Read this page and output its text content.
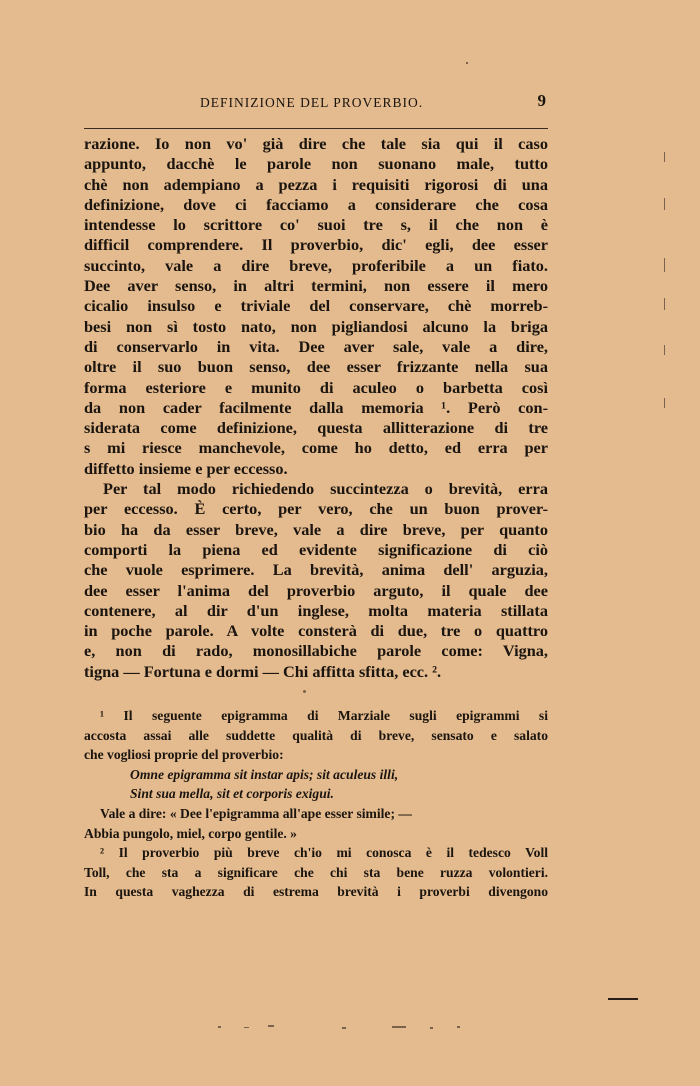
DEFINIZIONE DEL PROVERBIO.	9
razione. Io non vo' già dire che tale sia qui il caso
appunto, dacchè le parole non suonano male, tutto
chè non adempiano a pezza i requisiti rigorosi di una
definizione, dove ci facciamo a considerare che cosa
intendesse lo scrittore co' suoi tre s, il che non è
difficil comprendere. Il proverbio, dic' egli, dee esser
succinto, vale a dire breve, proferibile a un fiato.
Dee aver senso, in altri termini, non essere il mero
cicalio insulso e triviale del conservare, chè morreb-
besi non sì tosto nato, non pigliandosi alcuno la briga
di conservarlo in vita. Dee aver sale, vale a dire,
oltre il suo buon senso, dee esser frizzante nella sua
forma esteriore e munito di aculeo o barbetta così
da non cader facilmente dalla memoria ¹. Però con-
siderata come definizione, questa allitterazione di tre
s mi riesce manchevole, come ho detto, ed erra per
diffetto insieme e per eccesso.
Per tal modo richiedendo succintezza o brevità, erra
per eccesso. È certo, per vero, che un buon prover-
bio ha da esser breve, vale a dire breve, per quanto
comporti la piena ed evidente significazione di ciò
che vuole esprimere. La brevità, anima dell' arguzia,
dee esser l'anima del proverbio arguto, il quale dee
contenere, al dir d'un inglese, molta materia stillata
in poche parole. A volte consterà di due, tre o quattro
e, non di rado, monosillabiche parole come: Vigna,
tigna — Fortuna e dormi — Chi affitta sfitta, ecc. ².
¹ Il seguente epigramma di Marziale sugli epigrammi si
accosta assai alle suddette qualità di breve, sensato e salato
che vogliosi proprie del proverbio:
Omne epigramma sit instar apis; sit aculeus illi,
Sint sua mella, sit et corporis exigui.
Vale a dire: « Dee l'epigramma all'ape esser simile; —
Abbia pungolo, miel, corpo gentile. »
² Il proverbio più breve ch'io mi conosca è il tedesco Voll
Toll, che sta a significare che chi sta bene ruzza volontieri.
In questa vaghezza di estrema brevità i proverbi divengono
